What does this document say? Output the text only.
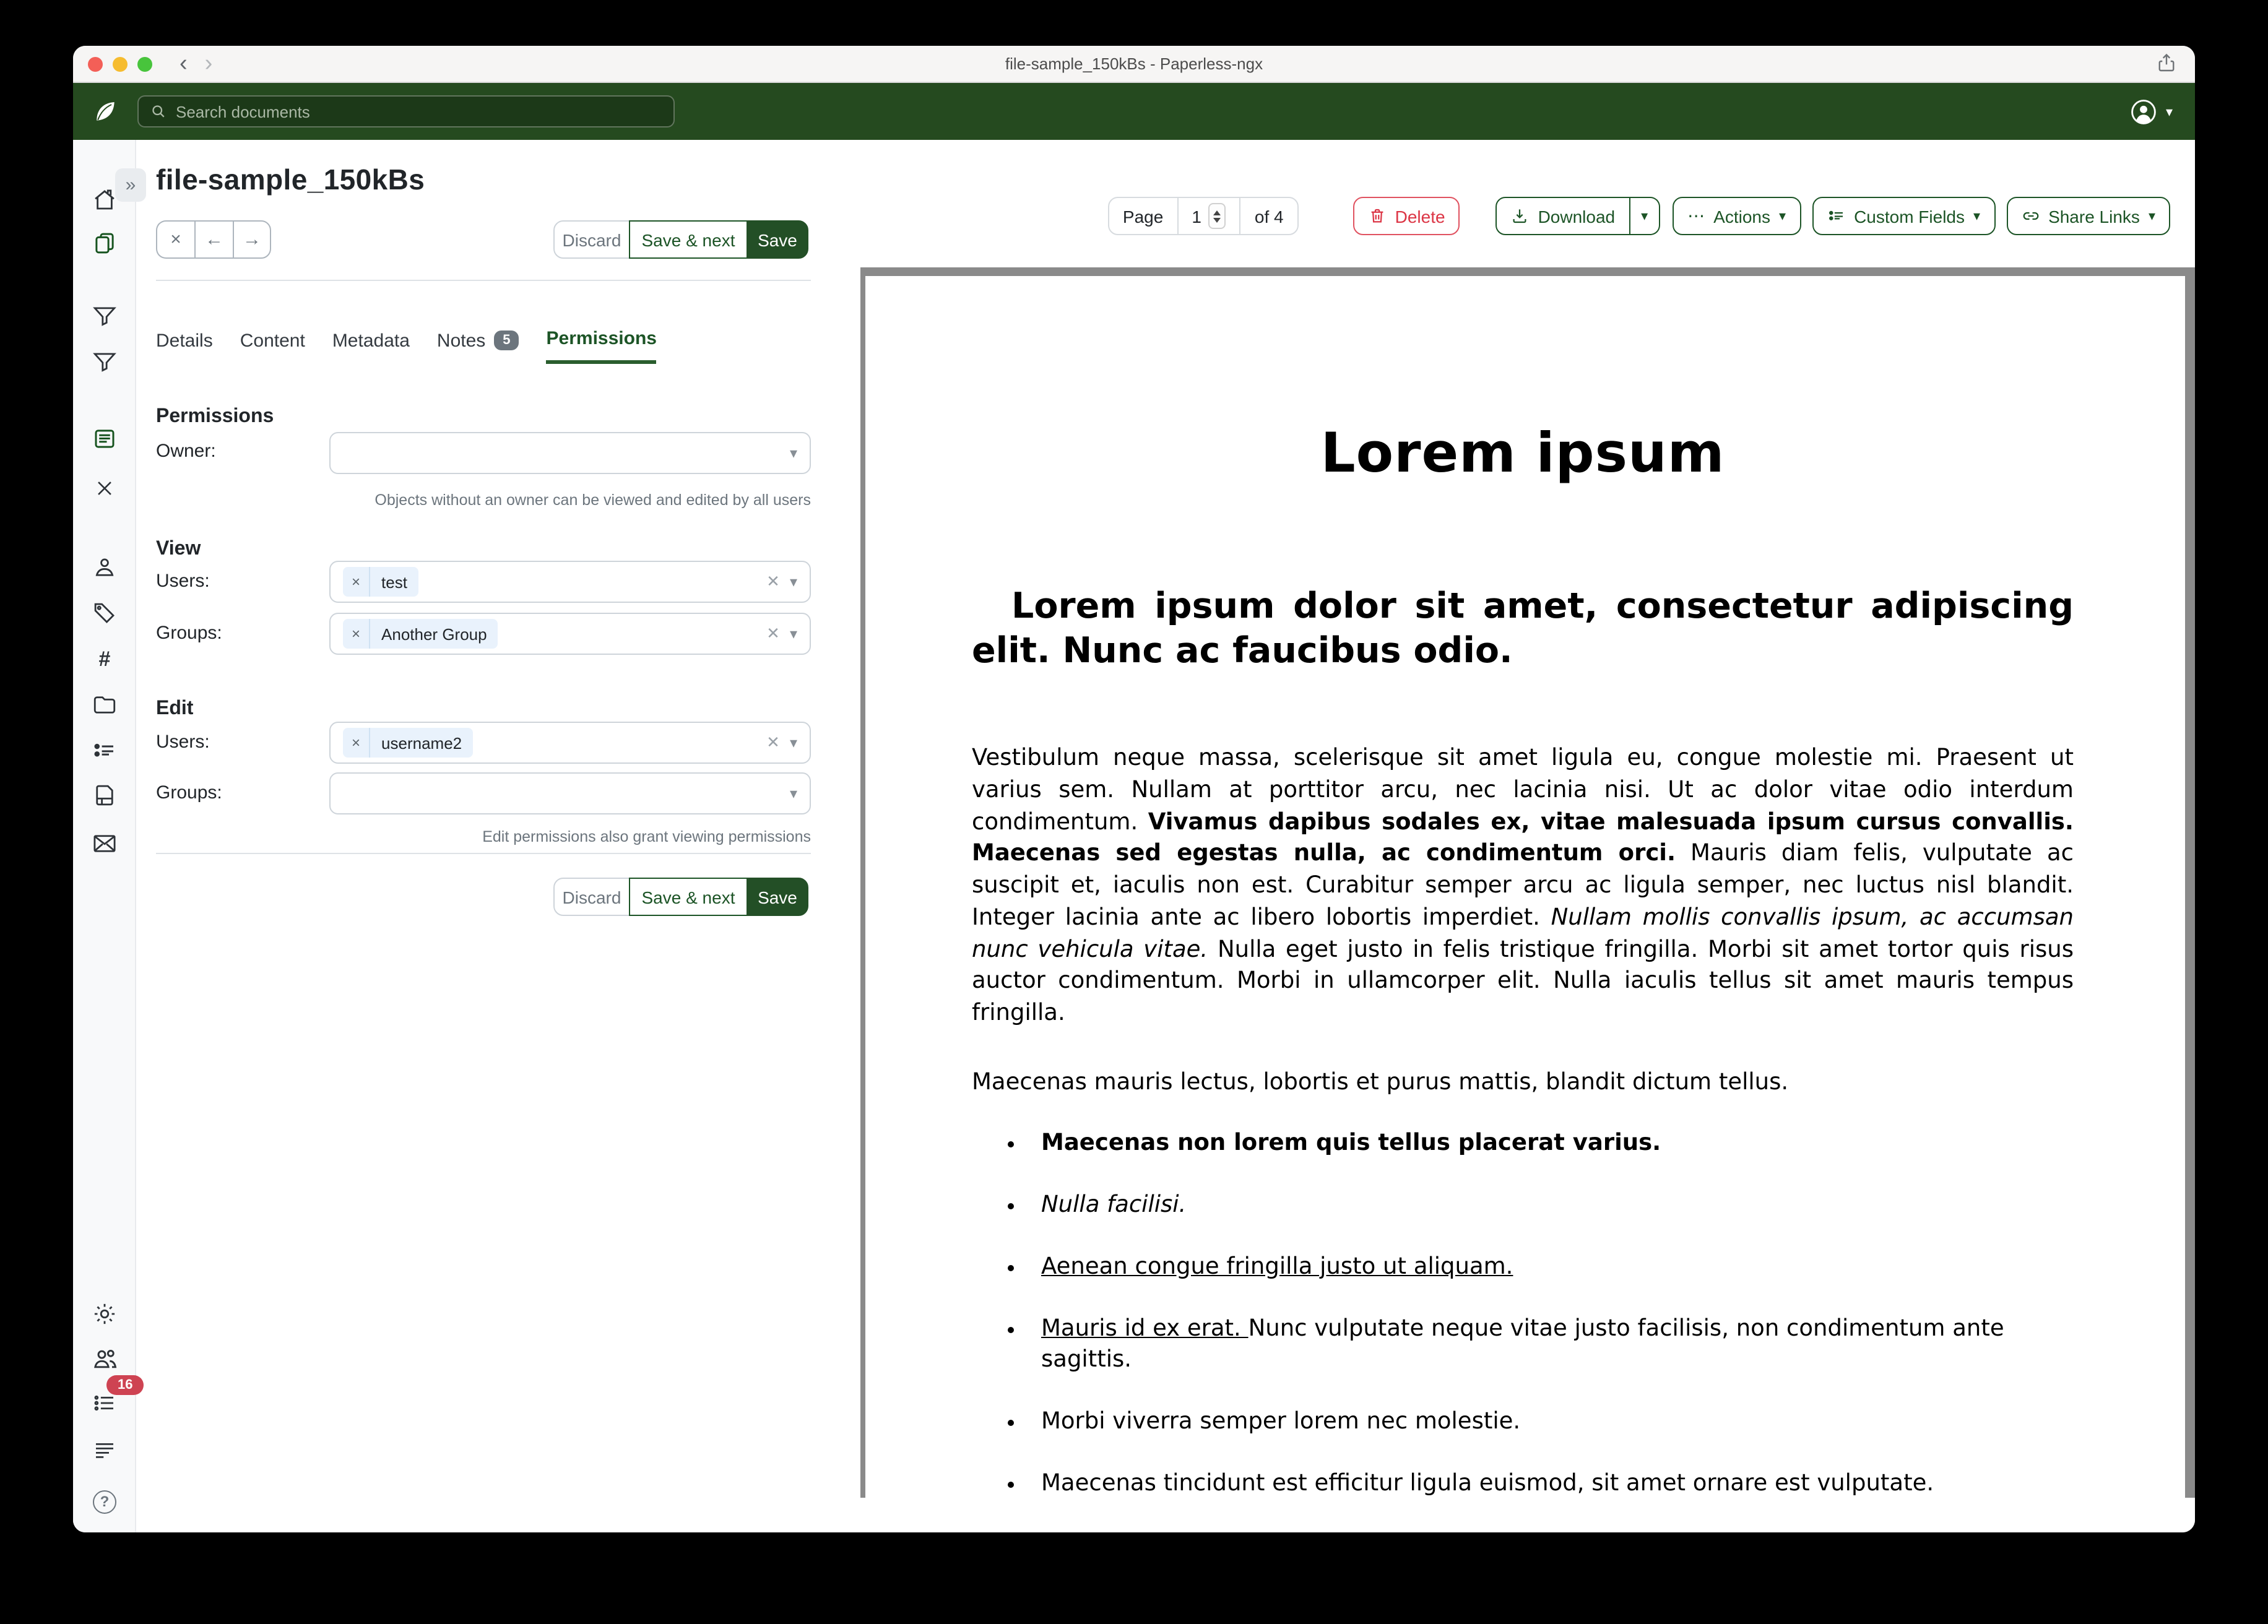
‹ ›	file-sample_150kBs - Paperless-ngx
Search documents
▾
»
#
16
?
file-sample_150kBs
×	←	→	Discard	Save & next	Save
Details	Content	Metadata	Notes	5	Permissions
Permissions
Owner:	▾
Objects without an owner can be viewed and edited by all users
View
Users:	×	test	✕ ▾
Groups:	×	Another Group	✕ ▾
Edit
Users:	×	username2	✕ ▾
Groups:	▾
Edit permissions also grant viewing permissions
Discard	Save & next	Save
Page	1	of 4	Delete	Download	▾	⋯ Actions ▾	Custom Fields ▾	Share Links ▾
Lorem ipsum
Lorem ipsum dolor sit amet, consectetur adipiscing elit. Nunc ac faucibus odio.

Vestibulum neque massa, scelerisque sit amet ligula eu, congue molestie mi. Praesent ut varius sem. Nullam at porttitor arcu, nec lacinia nisi. Ut ac dolor vitae odio interdum condimentum. Vivamus dapibus sodales ex, vitae malesuada ipsum cursus convallis. Maecenas sed egestas nulla, ac condimentum orci. Mauris diam felis, vulputate ac suscipit et, iaculis non est. Curabitur semper arcu ac ligula semper, nec luctus nisl blandit. Integer lacinia ante ac libero lobortis imperdiet. Nullam mollis convallis ipsum, ac accumsan nunc vehicula vitae. Nulla eget justo in felis tristique fringilla. Morbi sit amet tortor quis risus auctor condimentum. Morbi in ullamcorper elit. Nulla iaculis tellus sit amet mauris tempus fringilla.

Maecenas mauris lectus, lobortis et purus mattis, blandit dictum tellus.

• Maecenas non lorem quis tellus placerat varius.
• Nulla facilisi.
• Aenean congue fringilla justo ut aliquam.
• Mauris id ex erat. Nunc vulputate neque vitae justo facilisis, non condimentum ante sagittis.
• Morbi viverra semper lorem nec molestie.
• Maecenas tincidunt est efficitur ligula euismod, sit amet ornare est vulputate.
